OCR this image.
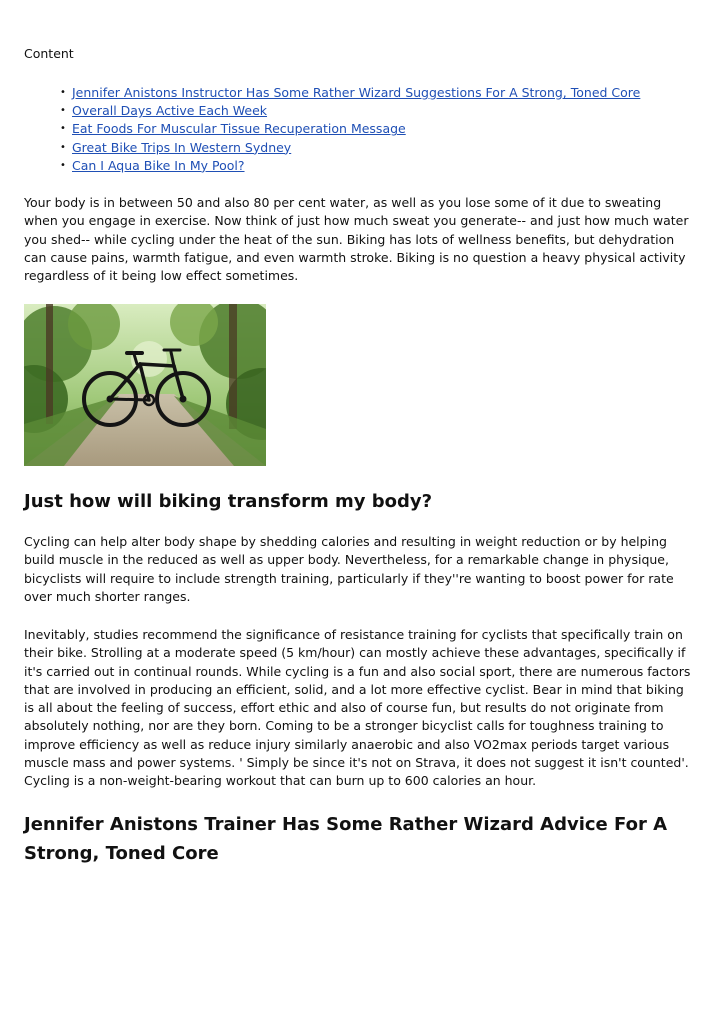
Content
• Jennifer Anistons Instructor Has Some Rather Wizard Suggestions For A Strong, Toned Core
• Overall Days Active Each Week
• Eat Foods For Muscular Tissue Recuperation Message
• Great Bike Trips In Western Sydney
• Can I Aqua Bike In My Pool?

Your body is in between 50 and also 80 per cent water, as well as you lose some of it due to sweating when you engage in exercise. Now think of just how much sweat you generate-- and just how much water you shed-- while cycling under the heat of the sun. Biking has lots of wellness benefits, but dehydration can cause pains, warmth fatigue, and even warmth stroke. Biking is no question a heavy physical activity regardless of it being low effect sometimes.

Just how will biking transform my body?

Cycling can help alter body shape by shedding calories and resulting in weight reduction or by helping build muscle in the reduced as well as upper body. Nevertheless, for a remarkable change in physique, bicyclists will require to include strength training, particularly if they''re wanting to boost power for rate over much shorter ranges.

Inevitably, studies recommend the significance of resistance training for cyclists that specifically train on their bike. Strolling at a moderate speed (5 km/hour) can mostly achieve these advantages, specifically if it's carried out in continual rounds. While cycling is a fun and also social sport, there are numerous factors that are involved in producing an efficient, solid, and a lot more effective cyclist. Bear in mind that biking is all about the feeling of success, effort ethic and also of course fun, but results do not originate from absolutely nothing, nor are they born. Coming to be a stronger bicyclist calls for toughness training to improve efficiency as well as reduce injury similarly anaerobic and also VO2max periods target various muscle mass and power systems. ' Simply be since it's not on Strava, it does not suggest it isn't counted'. Cycling is a non-weight-bearing workout that can burn up to 600 calories an hour.

Jennifer Anistons Trainer Has Some Rather Wizard Advice For A Strong, Toned Core
